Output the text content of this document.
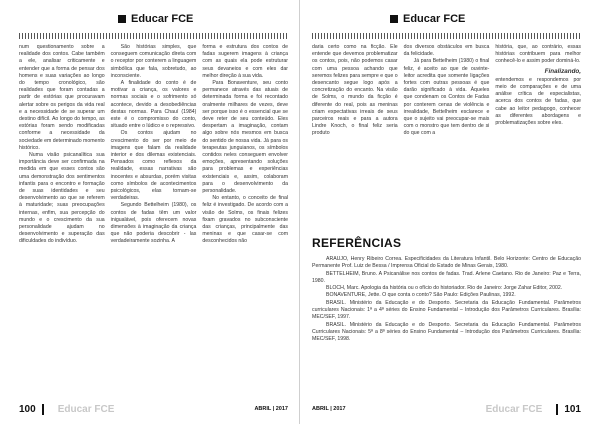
Educar FCE

num questionamento sobre a realidade dos contos. Cabe também a ele, analisar criticamente e entender que a forma de pensar dos homens e suas variações ao longo do tempo cronológico, são realidades que foram contadas a partir de estórias que procuravam alertar sobre os perigos da vida real e a necessidade de se superar um destino difícil. Ao longo do tempo, as estórias foram sendo modificadas conforme a necessidade da sociedade em determinado momento histórico.

Numa visão psicanalítica sua importância deve ser confirmada na medida em que esses contos são uma demonstração dos sentimentos infantis para o encontro e formação de suas identidades e seu desenvolvimento ao que se referem à maturidade; suas preocupações internas, enfim, sua percepção do mundo e o crescimento da sua personalidade ajudam no desenvolvimento e superação das dificuldades do indivíduo.

São histórias simples, que conseguem comunicação direta com o receptor por conterem a linguagem simbólica que fala, sobretudo, ao inconsciente.

A finalidade do conto é de motivar a criança, os valores e normas sociais e o sofrimento só acontece, devido a desobediências destas normas. Para Chauí (1984) este é o compromisso do conto, situado entre o lúdico e o repressivo.

Os contos ajudam no crescimento do ser por meio de imagens que falam da realidade interior e dos dilemas existenciais. Pensados como reflexos da realidade, essas narrativas são inocentes e absurdas, porém visitas como símbolos de acontecimentos psicológicos, elas tornam-se verdadeiras.

Segundo Bettelheim (1980), os contos de fadas têm um valor inigualável, pois oferecem novas dimensões à imaginação da criança que não poderia descobrir - las verdadeiramente sozinha. A

forma e estrutura dos contos de fadas sugerem imagens à criança com as quais ela pode estruturar seus devaneios e com eles dar melhor direção à sua vida.

Para Bonaventure, seu conto permanece através das atuais de determinada forma e foi recontado oralmente milhares de vezes, deve ser porque isso é o essencial que se deve reter de seu conteúdo. Eles despertam a imaginação, contam algo sobre nós mesmos em busca do sentido de nossa vida. Já para os terapeutas junguianos, os símbolos contidos neles conseguem envolver emoções, apresentando soluções para problemas e experiências existenciais e, assim, colaboram para o desenvolvimento da personalidade.

No entanto, o conceito de final feliz é investigado. De acordo com a visão de Solms, os finais felizes fixam gravados no subconsciente das crianças, principalmente das meninas e que casar-se com desconhecidos não

100 Educar FCE	ABRIL | 2017
Educar FCE

daria certo como na ficção. Ele entende que devemos problematizar os contos, pois, não podemos casar com uma pessoa achando que seremos felizes para sempre e que o desencanto segue logo após a concretização do encanto. Na visão de Solms, o mundo da ficção é diferente do real, pois as meninas criam expectativas irreais de seus parceiros reais e para a autora Lindre Knoch, o final feliz seria produto

dos diversos obstáculos em busca da felicidade.

Já para Bettelheim (1980) o final feliz, é aceito ao que de ouvinte-leitor acredita que somente ligações fortes com outras pessoas é que darão significado à vida. Àqueles que condenam os Contos de Fadas por conterem cenas de violência e irrealidade, Bettelheim esclarece e que o sujeito vai preocupar-se mais com o monstro que tem dentro de si do que com a

história, que, ao contrário, essas histórias contribuem para melhor conhecê-lo e assim poder dominá-lo.

Finalizando,

entendemos e respondemos por meio de comparações e de uma análise crítica de especialistas, acerca dos contos de fadas, que cabe ao leitor pedagogo, conhecer as diferentes abordagens e problematizações sobre eles.

REFERÊNCIAS

ARAUJO, Henry Ribeiro Correa. Especificidades da Literatura Infantil. Belo Horizonte: Centro de Educação Permanente Prof. Luiz de Bessa / Imprensa Oficial do Estado de Minas Gerais, 1980.

BETTELHEIM, Bruno. A Psicanálise nos contos de fadas. Trad. Arlene Caetano. Rio de Janeiro: Paz e Terra, 1980.

BLOCH, Marc. Apologia da história ou o ofício do historiador. Rio de Janeiro: Jorge Zahar Editor, 2002.

BONAVENTURE, Jette. O que conta o conto? São Paulo: Edições Paulinas, 1992.

BRASIL. Ministério da Educação e do Desporto. Secretaria da Educação Fundamental. Parâmetros curriculares Nacionais: 1ª a 4ª séries do Ensino Fundamental – Introdução dos Parâmetros Curriculares. Brasília: MEC/SEF, 1997.

BRASIL. Ministério da Educação e do Desporto. Secretaria da Educação Fundamental. Parâmetros Curriculares Nacionais: 5ª a 8ª séries do Ensino Fundamental – Introdução dos Parâmetros Curriculares. Brasília: MEC/SEF, 1998.

ABRIL | 2017	Educar FCE 101
